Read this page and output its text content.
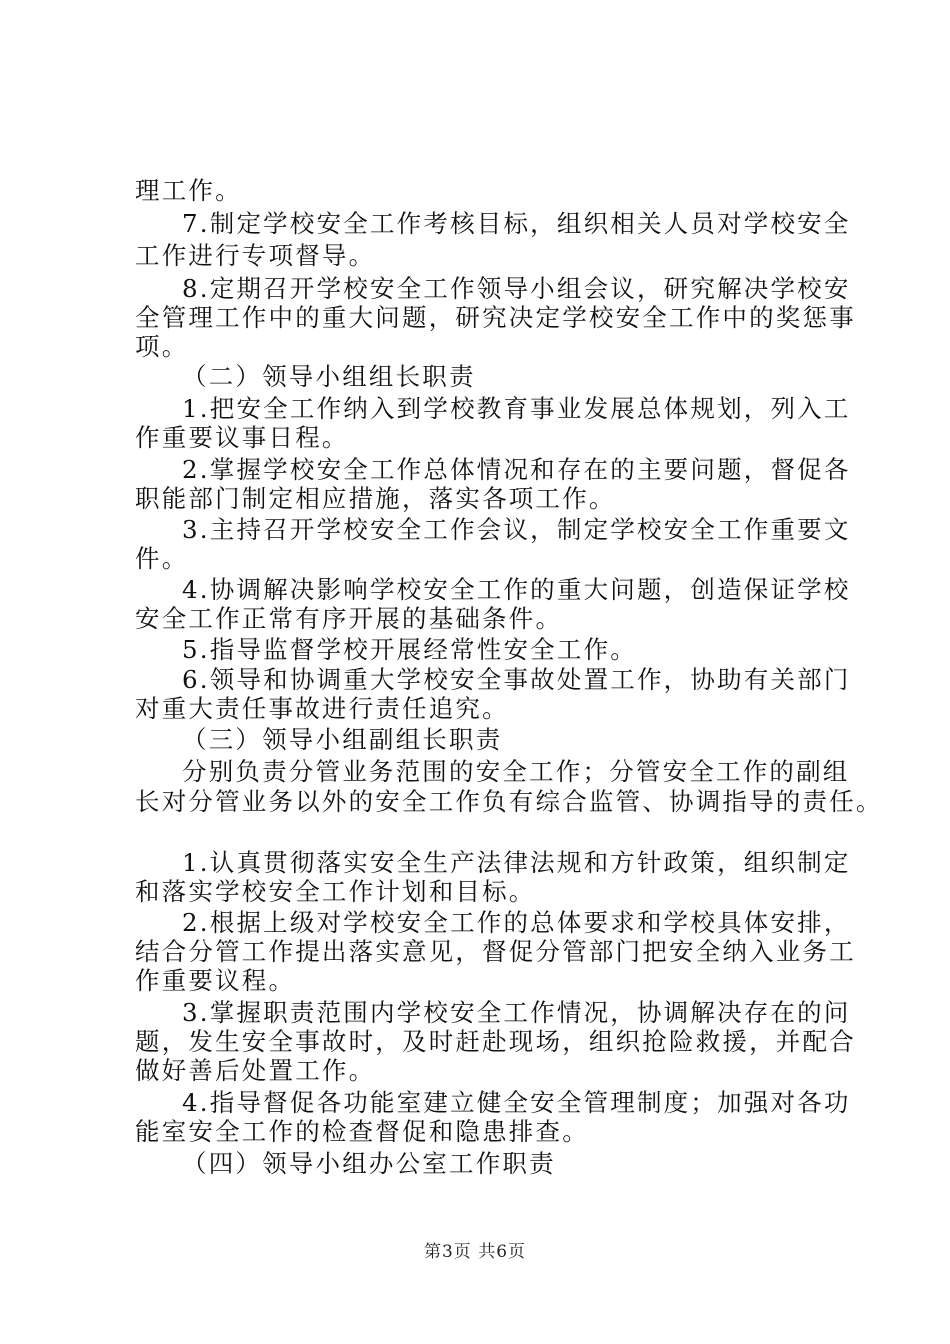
理工作。
7.制定学校安全工作考核目标，组织相关人员对学校安全
工作进行专项督导。
8.定期召开学校安全工作领导小组会议，研究解决学校安
全管理工作中的重大问题，研究决定学校安全工作中的奖惩事
项。
（二）领导小组组长职责
1.把安全工作纳入到学校教育事业发展总体规划，列入工
作重要议事日程。
2.掌握学校安全工作总体情况和存在的主要问题，督促各
职能部门制定相应措施，落实各项工作。
3.主持召开学校安全工作会议，制定学校安全工作重要文
件。
4.协调解决影响学校安全工作的重大问题，创造保证学校
安全工作正常有序开展的基础条件。
5.指导监督学校开展经常性安全工作。
6.领导和协调重大学校安全事故处置工作，协助有关部门
对重大责任事故进行责任追究。
（三）领导小组副组长职责
分别负责分管业务范围的安全工作；分管安全工作的副组
长对分管业务以外的安全工作负有综合监管、协调指导的责任。
1.认真贯彻落实安全生产法律法规和方针政策，组织制定
和落实学校安全工作计划和目标。
2.根据上级对学校安全工作的总体要求和学校具体安排，
结合分管工作提出落实意见，督促分管部门把安全纳入业务工
作重要议程。
3.掌握职责范围内学校安全工作情况，协调解决存在的问
题，发生安全事故时，及时赶赴现场，组织抢险救援，并配合
做好善后处置工作。
4.指导督促各功能室建立健全安全管理制度；加强对各功
能室安全工作的检查督促和隐患排查。
（四）领导小组办公室工作职责
第3页 共6页
